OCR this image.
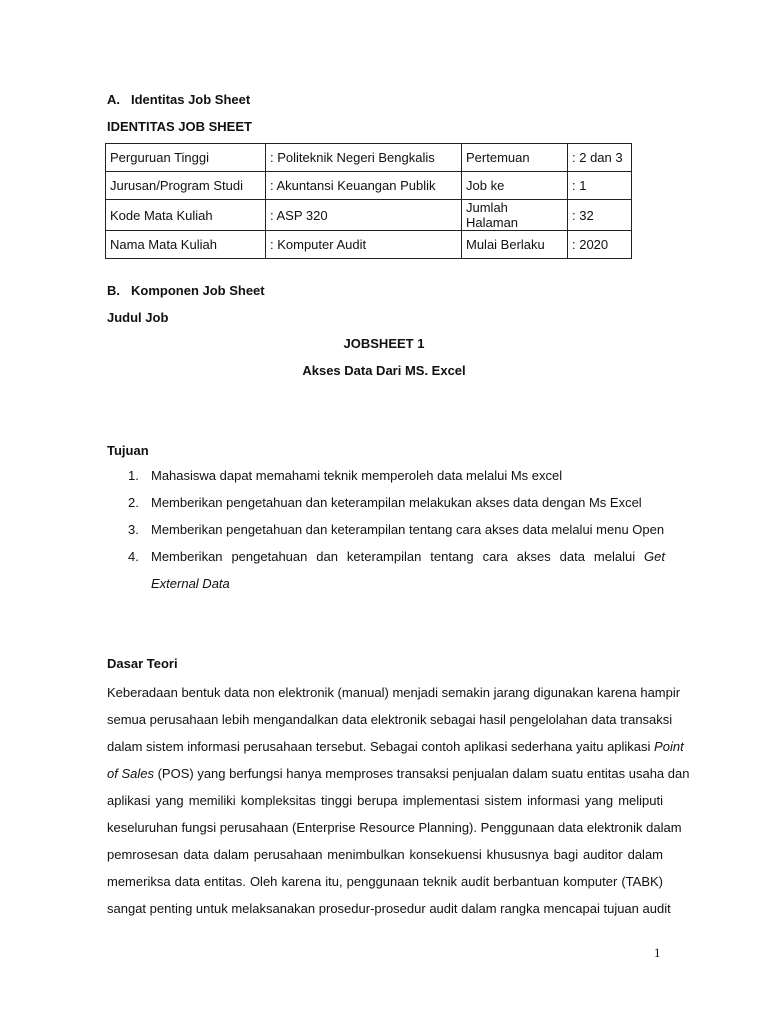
A. Identitas Job Sheet
IDENTITAS JOB SHEET
Perguruan Tinggi	: Politeknik Negeri Bengkalis	Pertemuan	: 2 dan 3
Jurusan/Program Studi	: Akuntansi Keuangan Publik	Job ke	: 1
Kode Mata Kuliah	: ASP 320	Jumlah Halaman	: 32
Nama Mata Kuliah	: Komputer Audit	Mulai Berlaku	: 2020
B. Komponen Job Sheet
Judul Job
JOBSHEET 1
Akses Data Dari MS. Excel
Tujuan
1. Mahasiswa dapat memahami teknik memperoleh data melalui Ms excel
2. Memberikan pengetahuan dan keterampilan melakukan akses data dengan Ms Excel
3. Memberikan pengetahuan dan keterampilan tentang cara akses data melalui menu Open
4. Memberikan pengetahuan dan keterampilan tentang cara akses data melalui Get External Data
Dasar Teori
Keberadaan bentuk data non elektronik (manual) menjadi semakin jarang digunakan karena hampir
semua perusahaan lebih mengandalkan data elektronik sebagai hasil pengelolahan data transaksi
dalam sistem informasi perusahaan tersebut. Sebagai contoh aplikasi sederhana yaitu aplikasi Point
of Sales (POS) yang berfungsi hanya memproses transaksi penjualan dalam suatu entitas usaha dan
aplikasi yang memiliki kompleksitas tinggi berupa implementasi sistem informasi yang meliputi
keseluruhan fungsi perusahaan (Enterprise Resource Planning). Penggunaan data elektronik dalam
pemrosesan data dalam perusahaan menimbulkan konsekuensi khususnya bagi auditor dalam
memeriksa data entitas. Oleh karena itu, penggunaan teknik audit berbantuan komputer (TABK)
sangat penting untuk melaksanakan prosedur-prosedur audit dalam rangka mencapai tujuan audit
1
